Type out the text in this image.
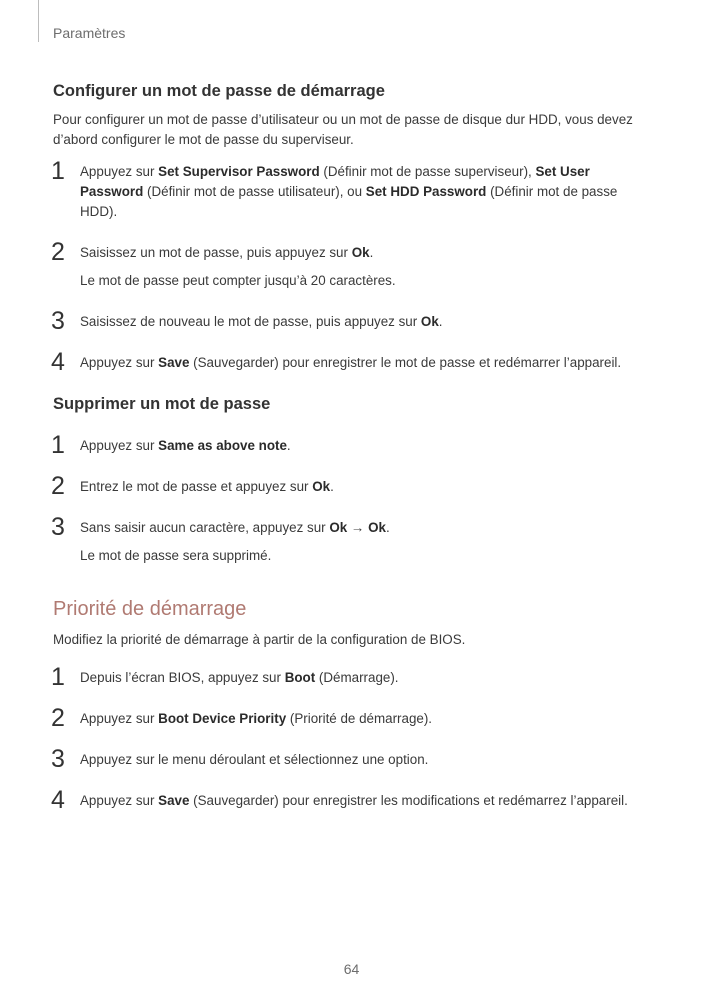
Paramètres
Configurer un mot de passe de démarrage

Pour configurer un mot de passe d’utilisateur ou un mot de passe de disque dur HDD, vous devez d’abord configurer le mot de passe du superviseur.

1 Appuyez sur Set Supervisor Password (Définir mot de passe superviseur), Set User Password (Définir mot de passe utilisateur), ou Set HDD Password (Définir mot de passe HDD).
2 Saisissez un mot de passe, puis appuyez sur Ok.
Le mot de passe peut compter jusqu’à 20 caractères.
3 Saisissez de nouveau le mot de passe, puis appuyez sur Ok.
4 Appuyez sur Save (Sauvegarder) pour enregistrer le mot de passe et redémarrer l’appareil.
Supprimer un mot de passe
1 Appuyez sur Same as above note.
2 Entrez le mot de passe et appuyez sur Ok.
3 Sans saisir aucun caractère, appuyez sur Ok → Ok.
Le mot de passe sera supprimé.
Priorité de démarrage

Modifiez la priorité de démarrage à partir de la configuration de BIOS.

1 Depuis l’écran BIOS, appuyez sur Boot (Démarrage).
2 Appuyez sur Boot Device Priority (Priorité de démarrage).
3 Appuyez sur le menu déroulant et sélectionnez une option.
4 Appuyez sur Save (Sauvegarder) pour enregistrer les modifications et redémarrez l’appareil.
64
